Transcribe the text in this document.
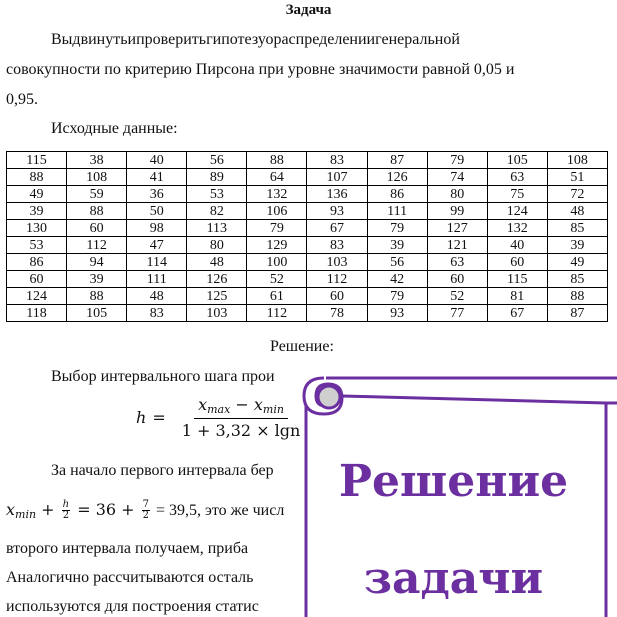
Задача
Выдвинутьипроверитьгипотезуораспределениигенеральной
совокупности по критерию Пирсона при уровне значимости равной 0,05 и
0,95.
Исходные данные:
115	38	40	56	88	83	87	79	105	108
88	108	41	89	64	107	126	74	63	51
49	59	36	53	132	136	86	80	75	72
39	88	50	82	106	93	111	99	124	48
130	60	98	113	79	67	79	127	132	85
53	112	47	80	129	83	39	121	40	39
86	94	114	48	100	103	56	63	60	49
60	39	111	126	52	112	42	60	115	85
124	88	48	125	61	60	79	52	81	88
118	105	83	103	112	78	93	77	67	87
Решение:
Выбор интервального шага прои
$h = \frac{x_{max} - x_{min}}{1 + 3,32 \times \lg n}$
За начало первого интервала бер
$x_{min} + \frac{h}{2} = 36 + \frac{7}{2} = 39,5$, это же числ
второго интервала получаем, приба
Аналогично рассчитываются осталь
используются для построения статис
Решение
задачи
